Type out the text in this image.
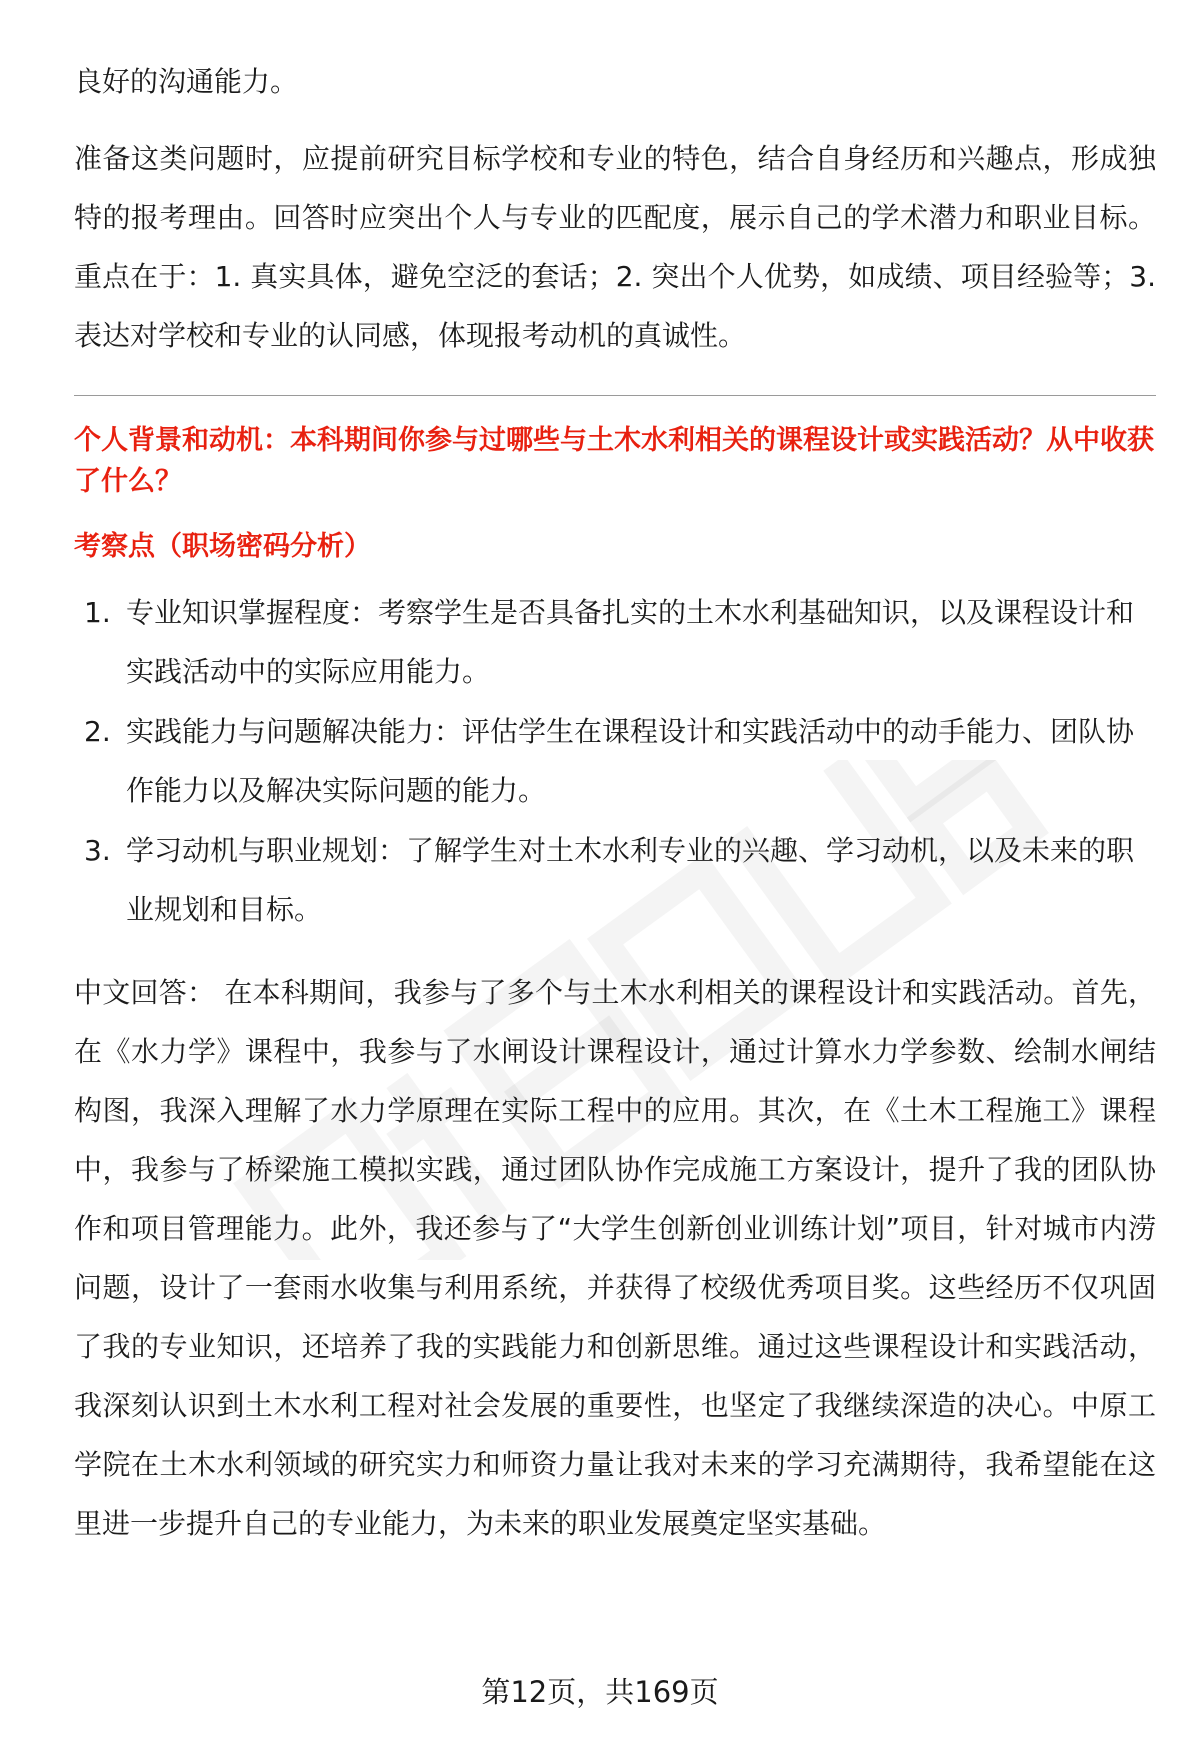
良好的沟通能力。

准备这类问题时，应提前研究目标学校和专业的特色，结合自身经历和兴趣点，形成独特的报考理由。回答时应突出个人与专业的匹配度，展示自己的学术潜力和职业目标。重点在于：1. 真实具体，避免空泛的套话；2. 突出个人优势，如成绩、项目经验等；3. 表达对学校和专业的认同感，体现报考动机的真诚性。

个人背景和动机：本科期间你参与过哪些与土木水利相关的课程设计或实践活动？从中收获了什么？

考察点（职场密码分析）

1. 专业知识掌握程度：考察学生是否具备扎实的土木水利基础知识，以及课程设计和实践活动中的实际应用能力。
2. 实践能力与问题解决能力：评估学生在课程设计和实践活动中的动手能力、团队协作能力以及解决实际问题的能力。
3. 学习动机与职业规划：了解学生对土木水利专业的兴趣、学习动机，以及未来的职业规划和目标。

中文回答： 在本科期间，我参与了多个与土木水利相关的课程设计和实践活动。首先，在《水力学》课程中，我参与了水闸设计课程设计，通过计算水力学参数、绘制水闸结构图，我深入理解了水力学原理在实际工程中的应用。其次，在《土木工程施工》课程中，我参与了桥梁施工模拟实践，通过团队协作完成施工方案设计，提升了我的团队协作和项目管理能力。此外，我还参与了“大学生创新创业训练计划”项目，针对城市内涝问题，设计了一套雨水收集与利用系统，并获得了校级优秀项目奖。这些经历不仅巩固了我的专业知识，还培养了我的实践能力和创新思维。通过这些课程设计和实践活动，我深刻认识到土木水利工程对社会发展的重要性，也坚定了我继续深造的决心。中原工学院在土木水利领域的研究实力和师资力量让我对未来的学习充满期待，我希望能在这里进一步提升自己的专业能力，为未来的职业发展奠定坚实基础。

第12页，共169页
